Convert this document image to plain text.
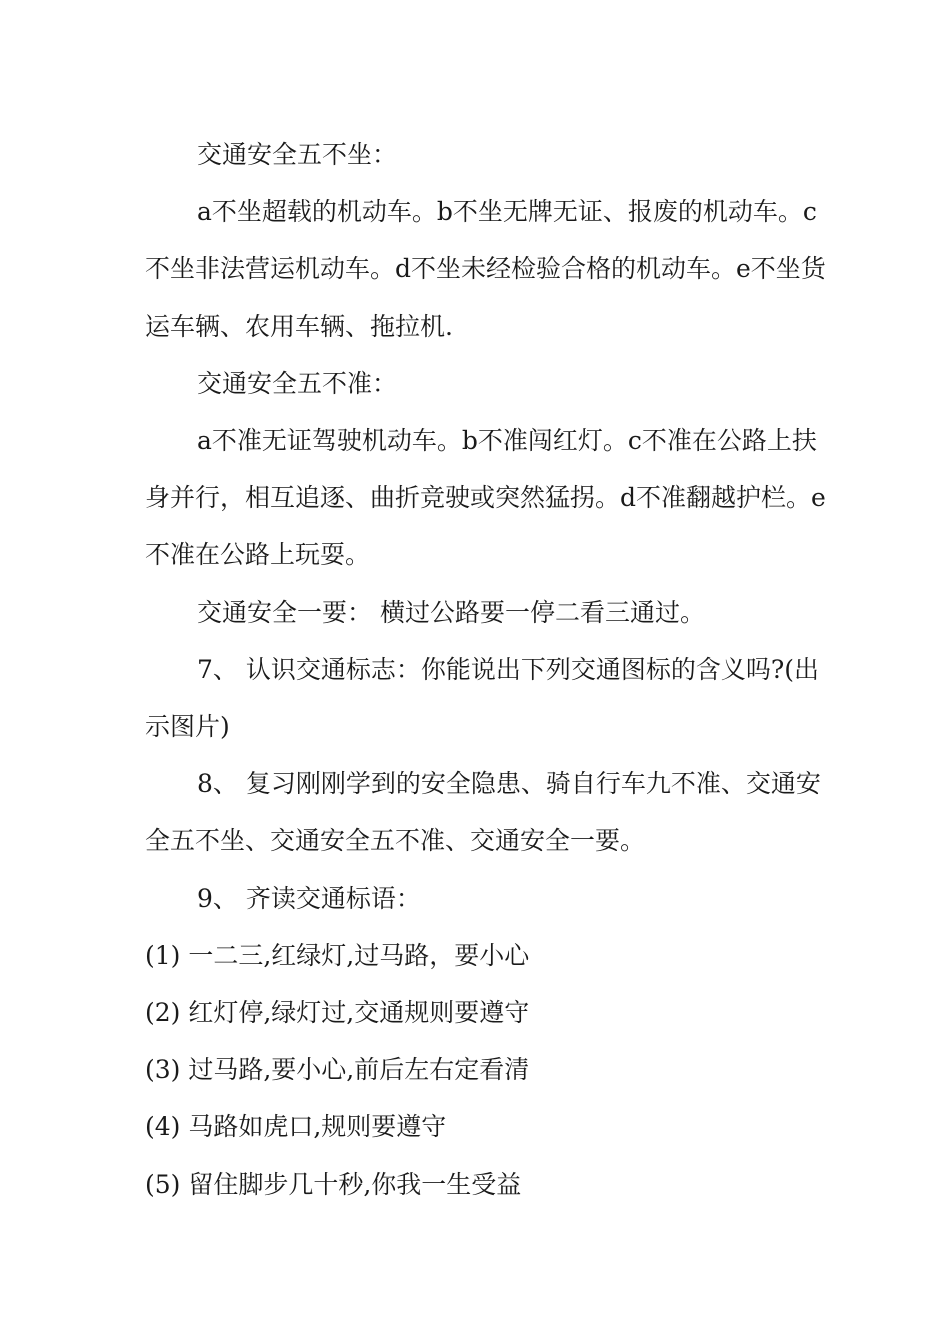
交通安全五不坐：

a不坐超载的机动车。b不坐无牌无证、报废的机动车。c不坐非法营运机动车。d不坐未经检验合格的机动车。e不坐货运车辆、农用车辆、拖拉机.

交通安全五不准：

a不准无证驾驶机动车。b不准闯红灯。c不准在公路上扶身并行，相互追逐、曲折竞驶或突然猛拐。d不准翻越护栏。e不准在公路上玩耍。

交通安全一要： 横过公路要一停二看三通过。

7、 认识交通标志：你能说出下列交通图标的含义吗?(出示图片)

8、 复习刚刚学到的安全隐患、骑自行车九不准、交通安全五不坐、交通安全五不准、交通安全一要。

9、 齐读交通标语：

(1) 一二三,红绿灯,过马路，要小心

(2) 红灯停,绿灯过,交通规则要遵守

(3) 过马路,要小心,前后左右定看清

(4) 马路如虎口,规则要遵守

(5) 留住脚步几十秒,你我一生受益
